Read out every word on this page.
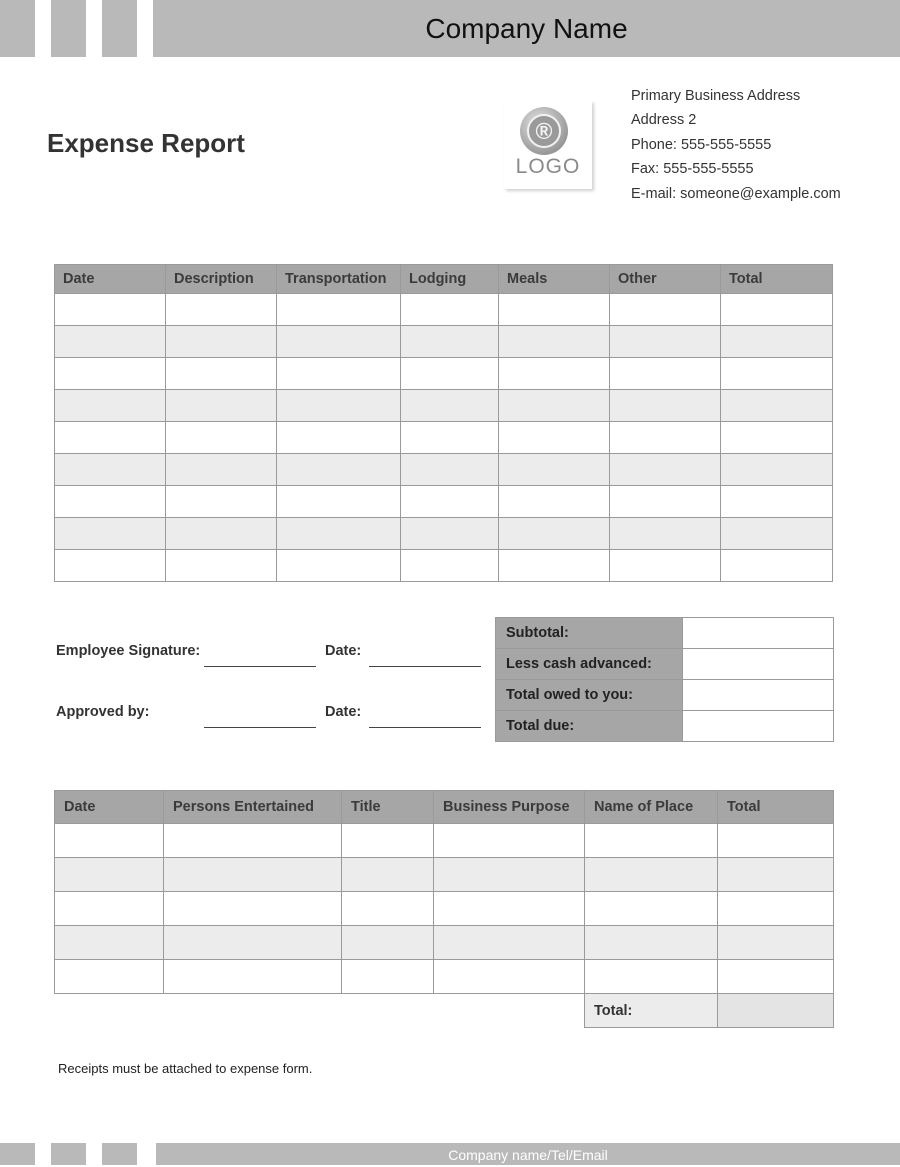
Company Name
Expense Report	®
LOGO
Primary Business Address
Address 2
Phone: 555-555-5555
Fax: 555-555-5555
E-mail: someone@example.com
Date	Description	Transportation	Lodging	Meals	Other	Total

Employee Signature:	Date:
Approved by:	Date:
Subtotal:	
Less cash advanced:	
Total owed to you:	
Total due:	
Date	Persons Entertained	Title	Business Purpose	Name of Place	Total

				Total:	
Receipts must be attached to expense form.
Company name/Tel/Email
